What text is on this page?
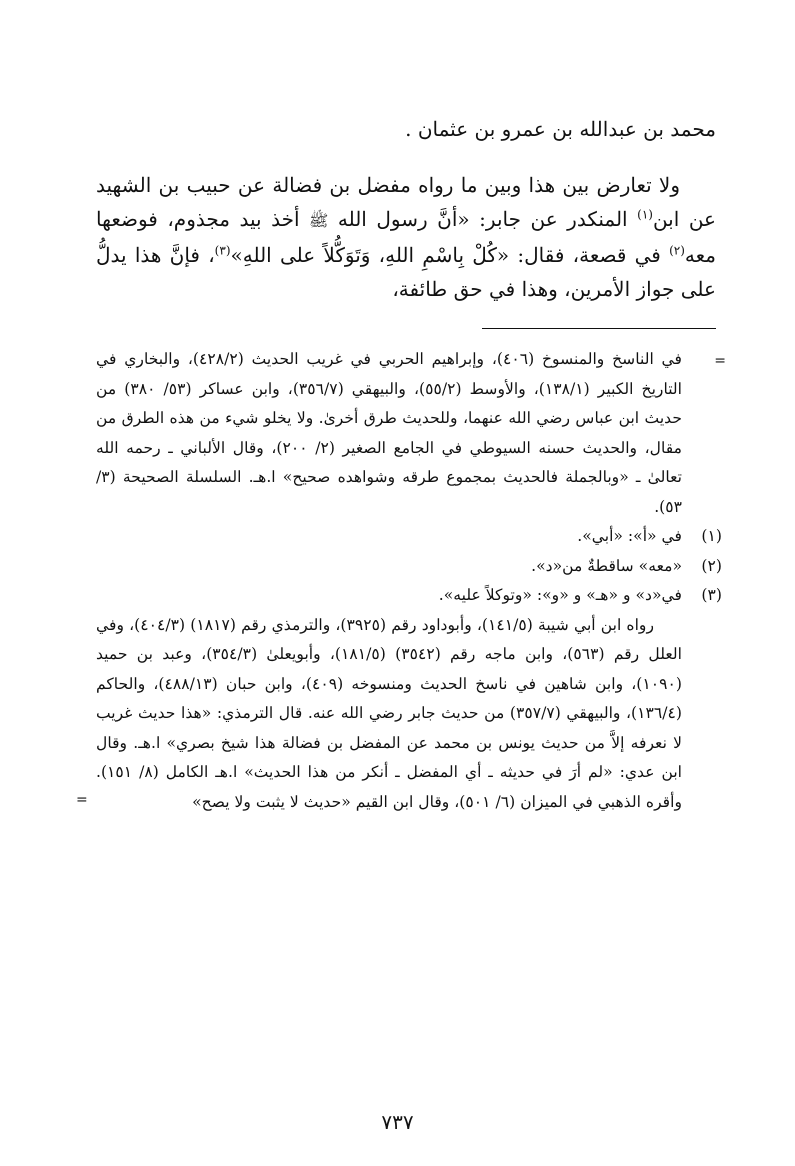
محمد بن عبدالله بن عمرو بن عثمان .

ولا تعارض بين هذا وبين ما رواه مفضل بن فضالة عن حبيب بن الشهيد عن ابن$^{(١)}$ المنكدر عن جابر: «أنَّ رسول الله ﷺ أخذ بيد مجذوم، فوضعها معه$^{(٢)}$ في قصعة، فقال: «كُلْ بِاسْمِ اللهِ، وَتَوَكُّلاً على اللهِ»$^{(٣)}$، فإنَّ هذا يدلُّ على جواز الأمرين، وهذا في حق طائفة،

=
في الناسخ والمنسوخ (٤٠٦)، وإبراهيم الحربي في غريب الحديث (٤٢٨/٢)، والبخاري في التاريخ الكبير (١٣٨/١)، والأوسط (٥٥/٢)، والبيهقي (٣٥٦/٧)، وابن عساكر (٥٣/ ٣٨٠) من حديث ابن عباس رضي الله عنهما، وللحديث طرق أخرىٰ. ولا يخلو شيء من هذه الطرق من مقال، والحديث حسنه السيوطي في الجامع الصغير (٢/ ٢٠٠)، وقال الألباني ـ رحمه الله تعالىٰ ـ «وبالجملة فالحديث بمجموع طرقه وشواهده صحيح» ا.هـ. السلسلة الصحيحة (٣/ ٥٣).
(١)
في «أ»: «أبي».
(٢)
«معه» ساقطةٌ من«د».
(٣)
في«د» و «هـ» و «و»: «وتوكلاً عليه».
رواه ابن أبي شيبة (١٤١/٥)، وأبوداود رقم (٣٩٢٥)، والترمذي رقم (١٨١٧) (٤٠٤/٣)، وفي العلل رقم (٥٦٣)، وابن ماجه رقم (٣٥٤٢) (١٨١/٥)، وأبويعلىٰ (٣٥٤/٣)، وعبد بن حميد (١٠٩٠)، وابن شاهين في ناسخ الحديث ومنسوخه (٤٠٩)، وابن حبان (٤٨٨/١٣)، والحاكم (١٣٦/٤)، والبيهقي (٣٥٧/٧) من حديث جابر رضي الله عنه. قال الترمذي: «هذا حديث غريب لا نعرفه إلاَّ من حديث يونس بن محمد عن المفضل بن فضالة هذا شيخ بصري» ا.هـ. وقال ابن عدي: «لم أرَ في حديثه ـ أي المفضل ـ أنكر من هذا الحديث» ا.هـ الكامل (٨/ ١٥١). وأقره الذهبي في الميزان (٦/ ٥٠١)، وقال ابن القيم «حديث لا يثبت ولا يصح»
=
٧٣٧
